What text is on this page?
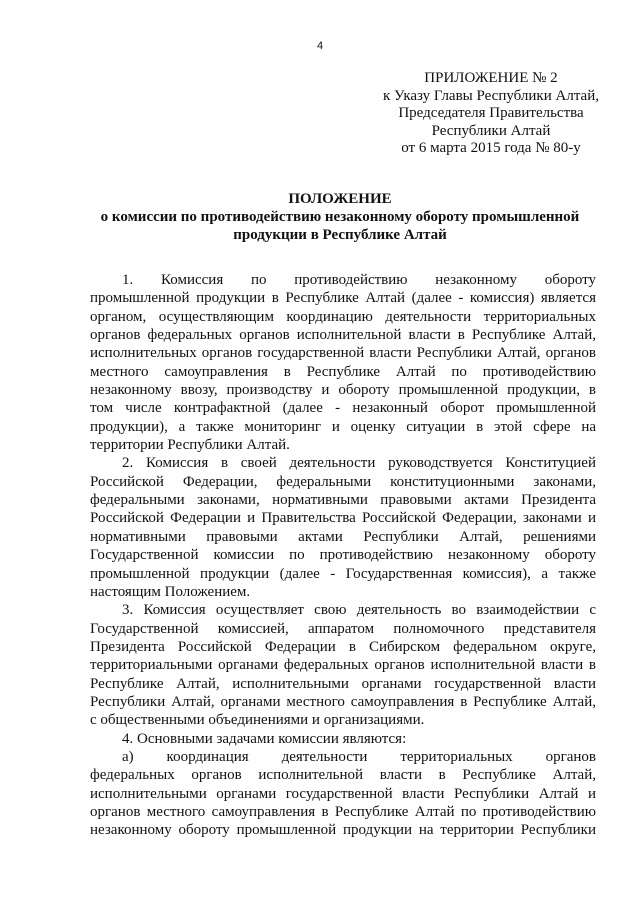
4
ПРИЛОЖЕНИЕ № 2
к Указу Главы Республики Алтай,
Председателя Правительства
Республики Алтай
от 6 марта 2015 года № 80-у
ПОЛОЖЕНИЕ
о комиссии по противодействию незаконному обороту промышленной
продукции в Республике Алтай
1. Комиссия по противодействию незаконному обороту
промышленной продукции в Республике Алтай (далее - комиссия) является
органом, осуществляющим координацию деятельности территориальных
органов федеральных органов исполнительной власти в Республике Алтай,
исполнительных органов государственной власти Республики Алтай, органов
местного самоуправления в Республике Алтай по противодействию
незаконному ввозу, производству и обороту промышленной продукции, в
том числе контрафактной (далее - незаконный оборот промышленной
продукции), а также мониторинг и оценку ситуации в этой сфере на
территории Республики Алтай.
2. Комиссия в своей деятельности руководствуется Конституцией
Российской Федерации, федеральными конституционными законами,
федеральными законами, нормативными правовыми актами Президента
Российской Федерации и Правительства Российской Федерации, законами и
нормативными правовыми актами Республики Алтай, решениями
Государственной комиссии по противодействию незаконному обороту
промышленной продукции (далее - Государственная комиссия), а также
настоящим Положением.
3. Комиссия осуществляет свою деятельность во взаимодействии с
Государственной комиссией, аппаратом полномочного представителя
Президента Российской Федерации в Сибирском федеральном округе,
территориальными органами федеральных органов исполнительной власти в
Республике Алтай, исполнительными органами государственной власти
Республики Алтай, органами местного самоуправления в Республике Алтай,
с общественными объединениями и организациями.
4. Основными задачами комиссии являются:
а) координация деятельности территориальных органов
федеральных органов исполнительной власти в Республике Алтай,
исполнительными органами государственной власти Республики Алтай и
органов местного самоуправления в Республике Алтай по противодействию
незаконному обороту промышленной продукции на территории Республики
